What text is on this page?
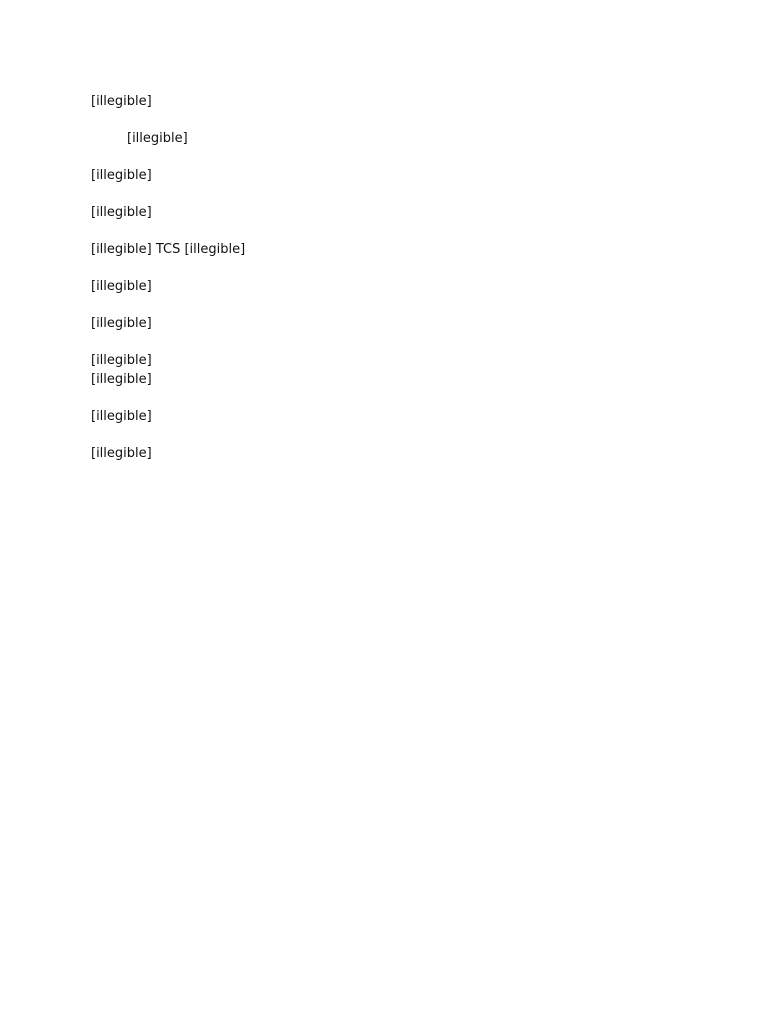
[illegible]

[illegible]

[illegible]

[illegible]

[illegible] TCS [illegible]

[illegible]

[illegible]

[illegible]
[illegible]

[illegible]

[illegible]
